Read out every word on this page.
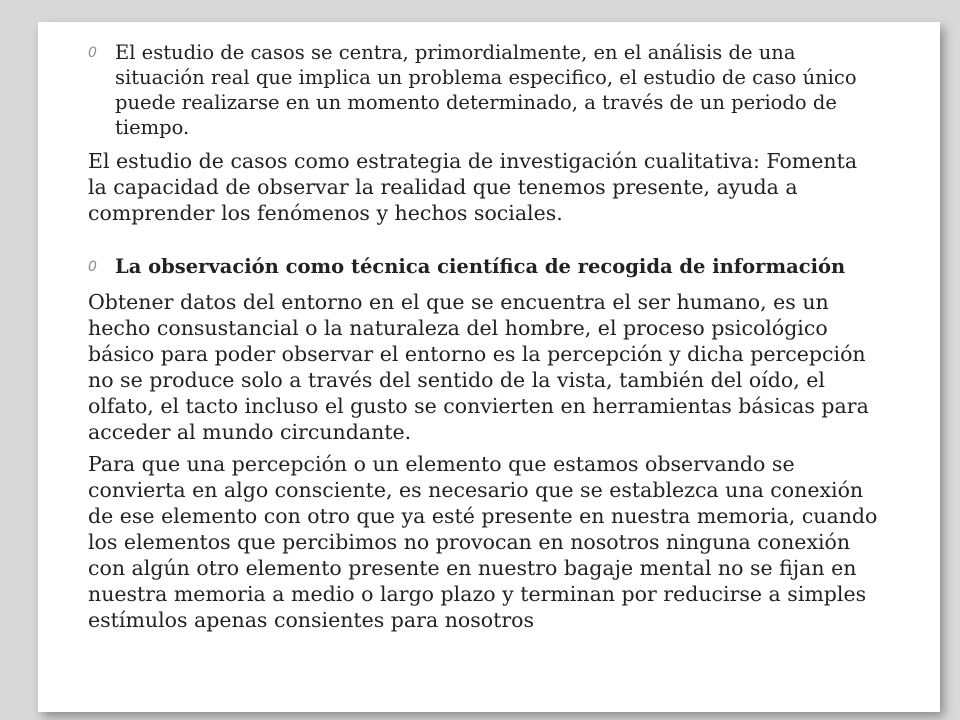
0 El estudio de casos se centra, primordialmente, en el análisis de una situación real que implica un problema especifico, el estudio de caso único puede realizarse en un momento determinado, a través de un periodo de tiempo.

El estudio de casos como estrategia de investigación cualitativa: Fomenta la capacidad de observar la realidad que tenemos presente, ayuda a comprender los fenómenos y hechos sociales.

0 La observación como técnica científica de recogida de información

Obtener datos del entorno en el que se encuentra el ser humano, es un hecho consustancial o la naturaleza del hombre, el proceso psicológico básico para poder observar el entorno es la percepción y dicha percepción no se produce solo a través del sentido de la vista, también del oído, el olfato, el tacto incluso el gusto se convierten en herramientas básicas para acceder al mundo circundante.

Para que una percepción o un elemento que estamos observando se convierta en algo consciente, es necesario que se establezca una conexión de ese elemento con otro que ya esté presente en nuestra memoria, cuando los elementos que percibimos no provocan en nosotros ninguna conexión con algún otro elemento presente en nuestro bagaje mental no se fijan en nuestra memoria a medio o largo plazo y terminan por reducirse a simples estímulos apenas consientes para nosotros
